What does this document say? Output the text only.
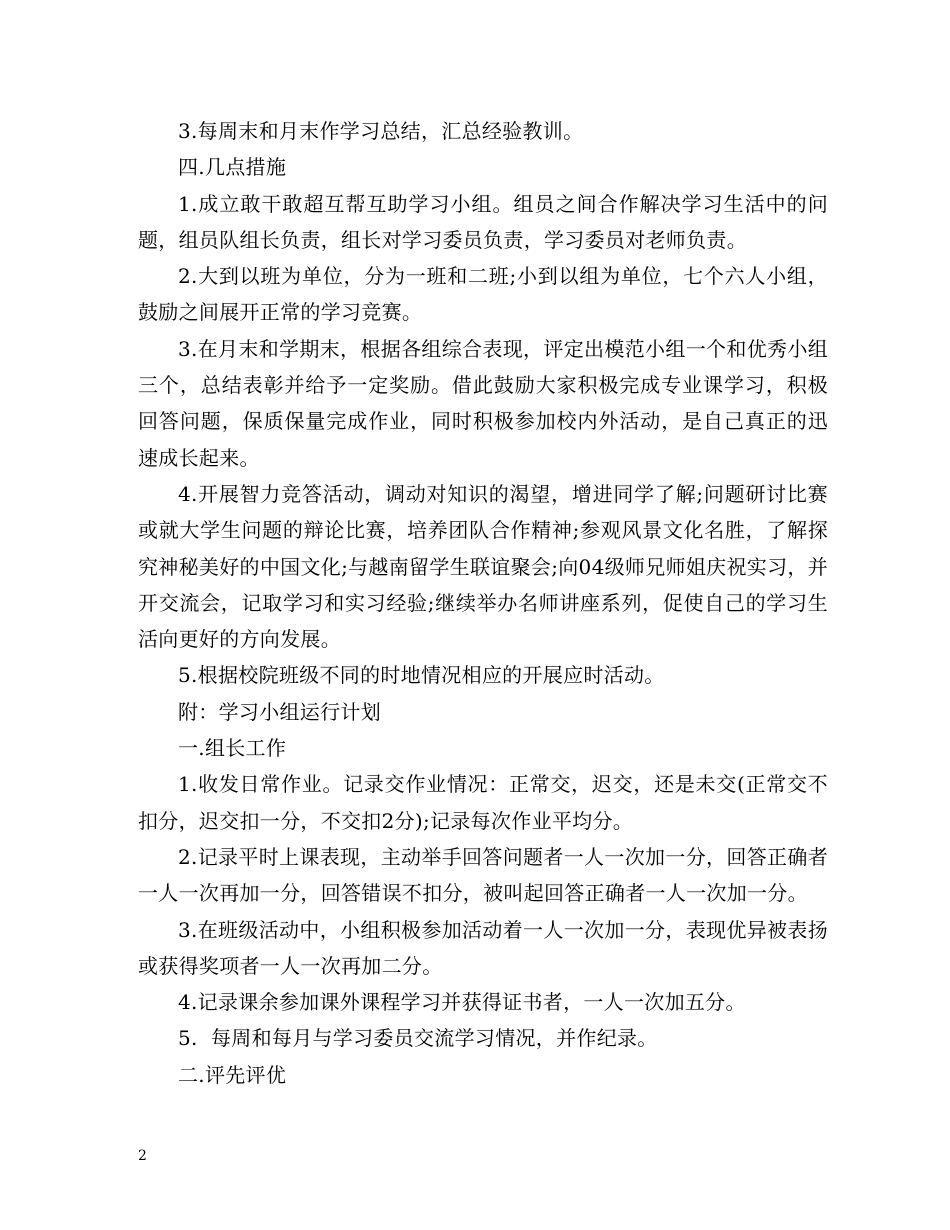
3.每周末和月末作学习总结，汇总经验教训。

四.几点措施

1.成立敢干敢超互帮互助学习小组。组员之间合作解决学习生活中的问题，组员队组长负责，组长对学习委员负责，学习委员对老师负责。

2.大到以班为单位，分为一班和二班;小到以组为单位，七个六人小组，鼓励之间展开正常的学习竞赛。

3.在月末和学期末，根据各组综合表现，评定出模范小组一个和优秀小组三个，总结表彰并给予一定奖励。借此鼓励大家积极完成专业课学习，积极回答问题，保质保量完成作业，同时积极参加校内外活动，是自己真正的迅速成长起来。

4.开展智力竞答活动，调动对知识的渴望，增进同学了解;问题研讨比赛或就大学生问题的辩论比赛，培养团队合作精神;参观风景文化名胜，了解探究神秘美好的中国文化;与越南留学生联谊聚会;向04级师兄师姐庆祝实习，并开交流会，记取学习和实习经验;继续举办名师讲座系列，促使自己的学习生活向更好的方向发展。

5.根据校院班级不同的时地情况相应的开展应时活动。

附：学习小组运行计划

一.组长工作

1.收发日常作业。记录交作业情况：正常交，迟交，还是未交(正常交不扣分，迟交扣一分，不交扣2分);记录每次作业平均分。

2.记录平时上课表现，主动举手回答问题者一人一次加一分，回答正确者一人一次再加一分，回答错误不扣分，被叫起回答正确者一人一次加一分。

3.在班级活动中，小组积极参加活动着一人一次加一分，表现优异被表扬或获得奖项者一人一次再加二分。

4.记录课余参加课外课程学习并获得证书者，一人一次加五分。

5.  每周和每月与学习委员交流学习情况，并作纪录。

二.评先评优

2
